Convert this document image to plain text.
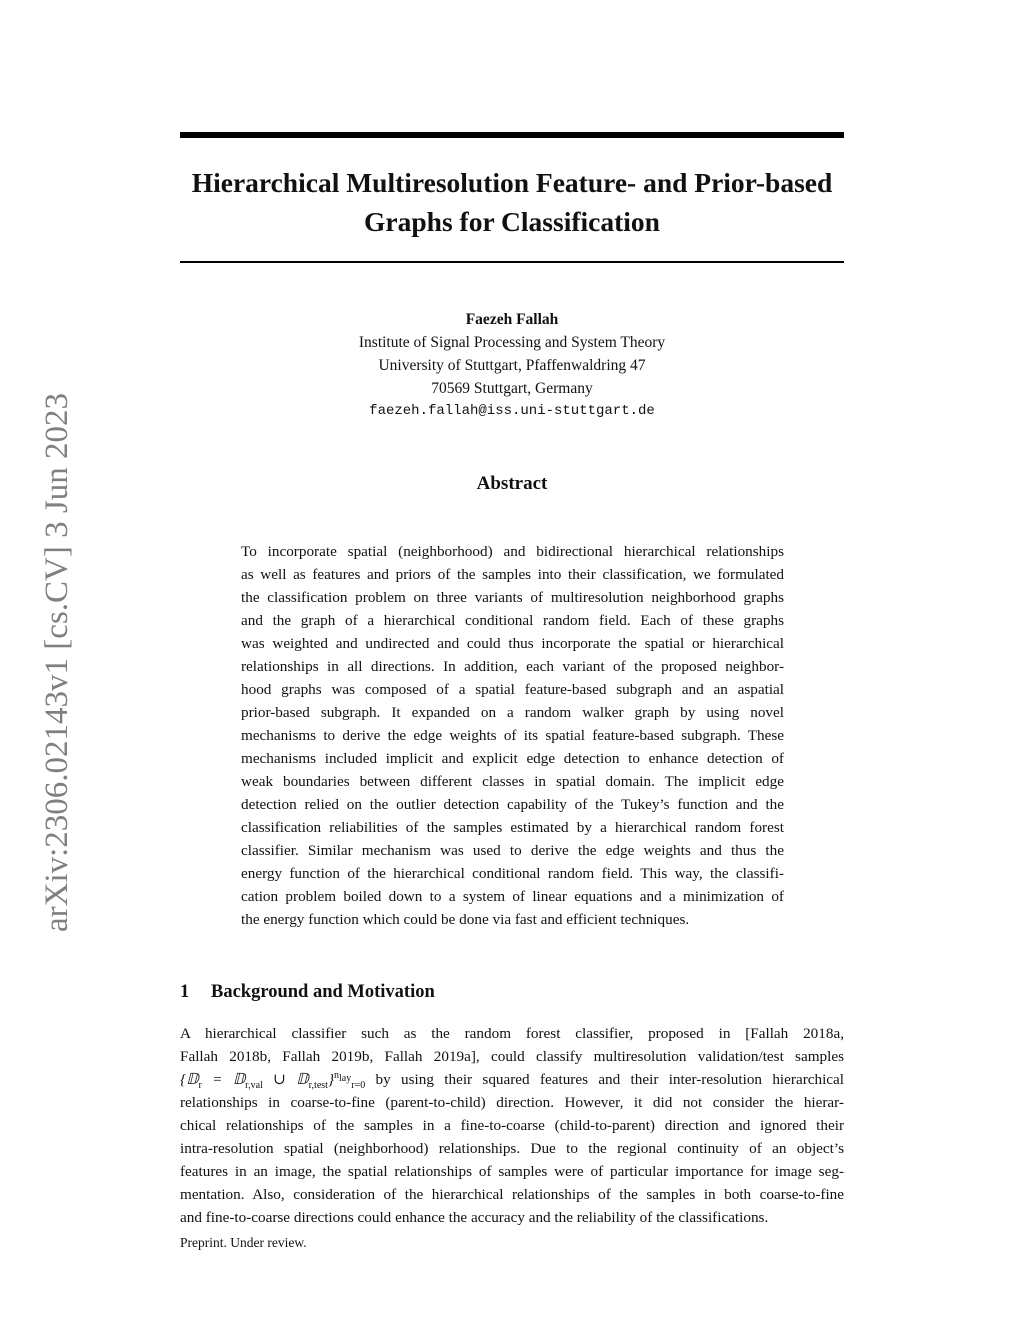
arXiv:2306.02143v1 [cs.CV] 3 Jun 2023
Hierarchical Multiresolution Feature- and Prior-based
Graphs for Classification
Faezeh Fallah
Institute of Signal Processing and System Theory
University of Stuttgart, Pfaffenwaldring 47
70569 Stuttgart, Germany
faezeh.fallah@iss.uni-stuttgart.de
Abstract
To incorporate spatial (neighborhood) and bidirectional hierarchical relationships
as well as features and priors of the samples into their classification, we formulated
the classification problem on three variants of multiresolution neighborhood graphs
and the graph of a hierarchical conditional random field. Each of these graphs
was weighted and undirected and could thus incorporate the spatial or hierarchical
relationships in all directions. In addition, each variant of the proposed neighbor-
hood graphs was composed of a spatial feature-based subgraph and an aspatial
prior-based subgraph. It expanded on a random walker graph by using novel
mechanisms to derive the edge weights of its spatial feature-based subgraph. These
mechanisms included implicit and explicit edge detection to enhance detection of
weak boundaries between different classes in spatial domain. The implicit edge
detection relied on the outlier detection capability of the Tukey’s function and the
classification reliabilities of the samples estimated by a hierarchical random forest
classifier. Similar mechanism was used to derive the edge weights and thus the
energy function of the hierarchical conditional random field. This way, the classifi-
cation problem boiled down to a system of linear equations and a minimization of
the energy function which could be done via fast and efficient techniques.
1 Background and Motivation
A hierarchical classifier such as the random forest classifier, proposed in [Fallah 2018a,
Fallah 2018b, Fallah 2019b, Fallah 2019a], could classify multiresolution validation/test samples
{𝔻$_r$ = 𝔻$_{r,val}$ ∪ 𝔻$_{r,test}$}$^{n_{lay}}_{r=0}$ by using their squared features and their inter-resolution hierarchical
relationships in coarse-to-fine (parent-to-child) direction. However, it did not consider the hierar-
chical relationships of the samples in a fine-to-coarse (child-to-parent) direction and ignored their
intra-resolution spatial (neighborhood) relationships. Due to the regional continuity of an object’s
features in an image, the spatial relationships of samples were of particular importance for image seg-
mentation. Also, consideration of the hierarchical relationships of the samples in both coarse-to-fine
and fine-to-coarse directions could enhance the accuracy and the reliability of the classifications.
Preprint. Under review.
